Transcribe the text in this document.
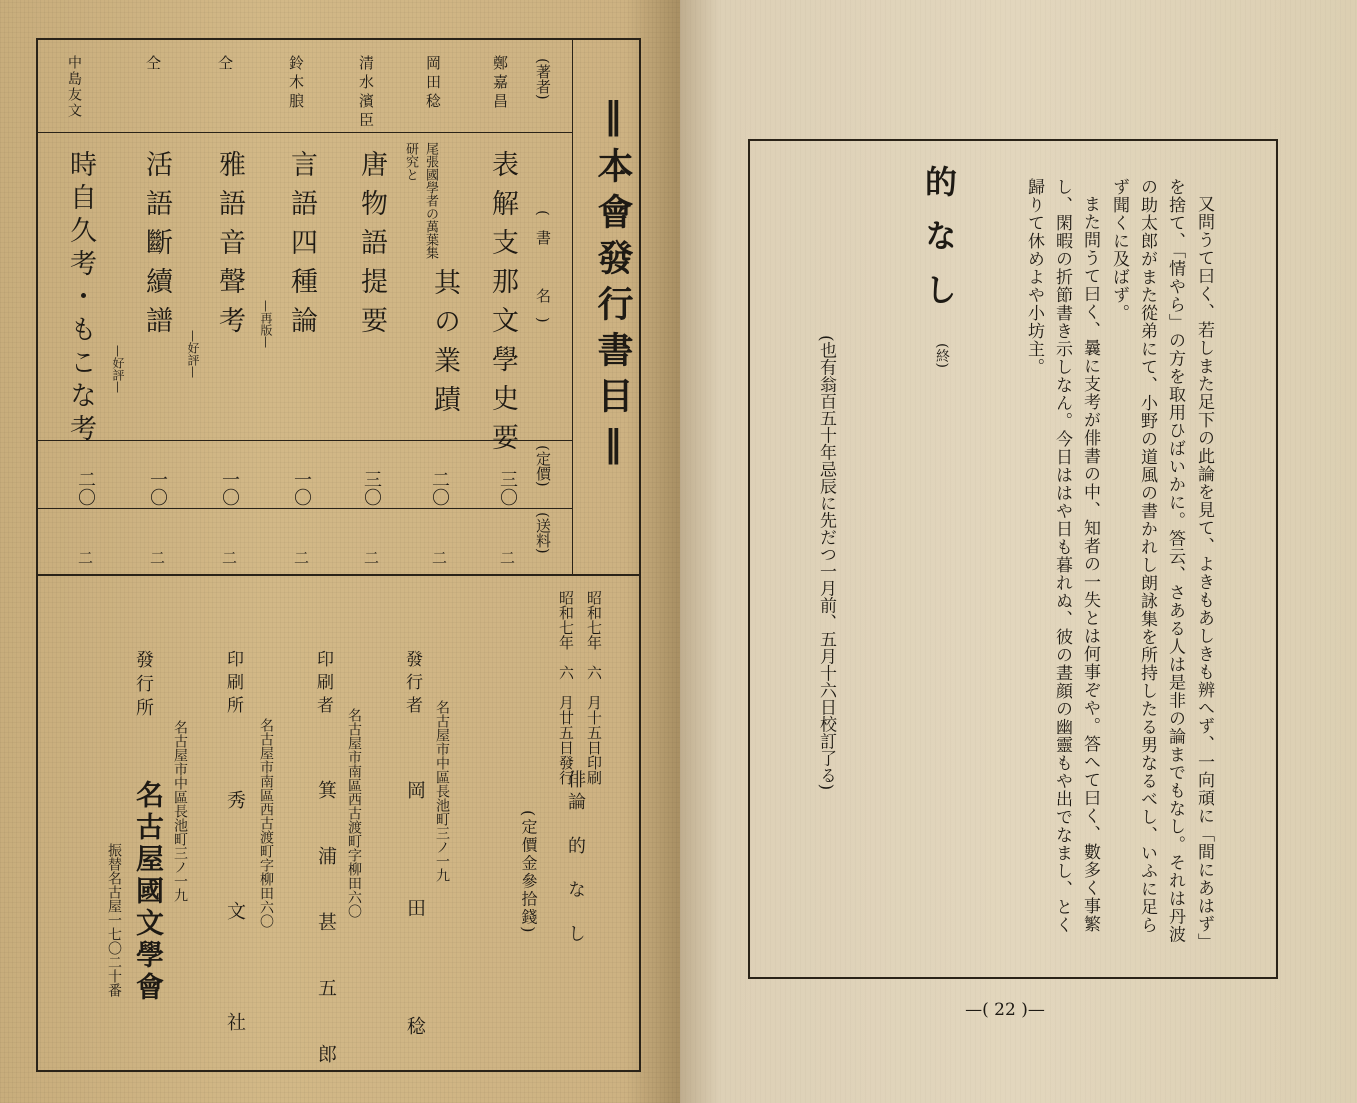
‖本會發行書目‖
(著者)
(書　名)
(定價)
(送料)
鄭嘉昌
表解支那文學史要
三〇
二
岡田稔
尾張國學者の萬葉集研究と
其の業蹟
二〇
二
清水濱臣
唐物語提要
三〇
二
鈴木朖
言語四種論
—再版—
一〇
二
仝
雅語音聲考
—好評—
一〇
二
仝
活語斷續譜
一〇
二
中島友文
時自久考・もこな考	—好評—
二〇
二
昭和七年　六　月十五日印刷
昭和七年　六　月廿五日發行
俳論　的　な　し
(定價金參拾錢)
發行者
名古屋市中區長池町三ノ一九
岡　田　稔
印刷者
名古屋市南區西古渡町字柳田六〇
箕　浦　甚　五　郎
印刷所
名古屋市南區西古渡町字柳田六〇
秀　　文　　社
發行所
名古屋市中區長池町三ノ一九
名古屋國文學會
振替名古屋一七〇二十番	又問うて曰く、若しまた足下の此論を見て、よきもあしきも辨へず、一向頑に「間にあはず」
を捨て、「情やら」の方を取用ひばいかに。答云、さある人は是非の論までもなし。それは丹波
の助太郎がまた從弟にて、小野の道風の書かれし朗詠集を所持したる男なるべし、いふに足ら
ず聞くに及ばず。
また問うて曰く、曩に支考が俳書の中、知者の一失とは何事ぞや。答へて曰く、數多く事繁
し、閑暇の折節書き示しなん。今日ははや日も暮れぬ、彼の晝顔の幽靈もや出でなまし、とく
歸りて休めよや小坊主。
的なし
(終)
(也有翁百五十年忌辰に先だつ一月前、五月十六日校訂了る)
—( 22 )—
